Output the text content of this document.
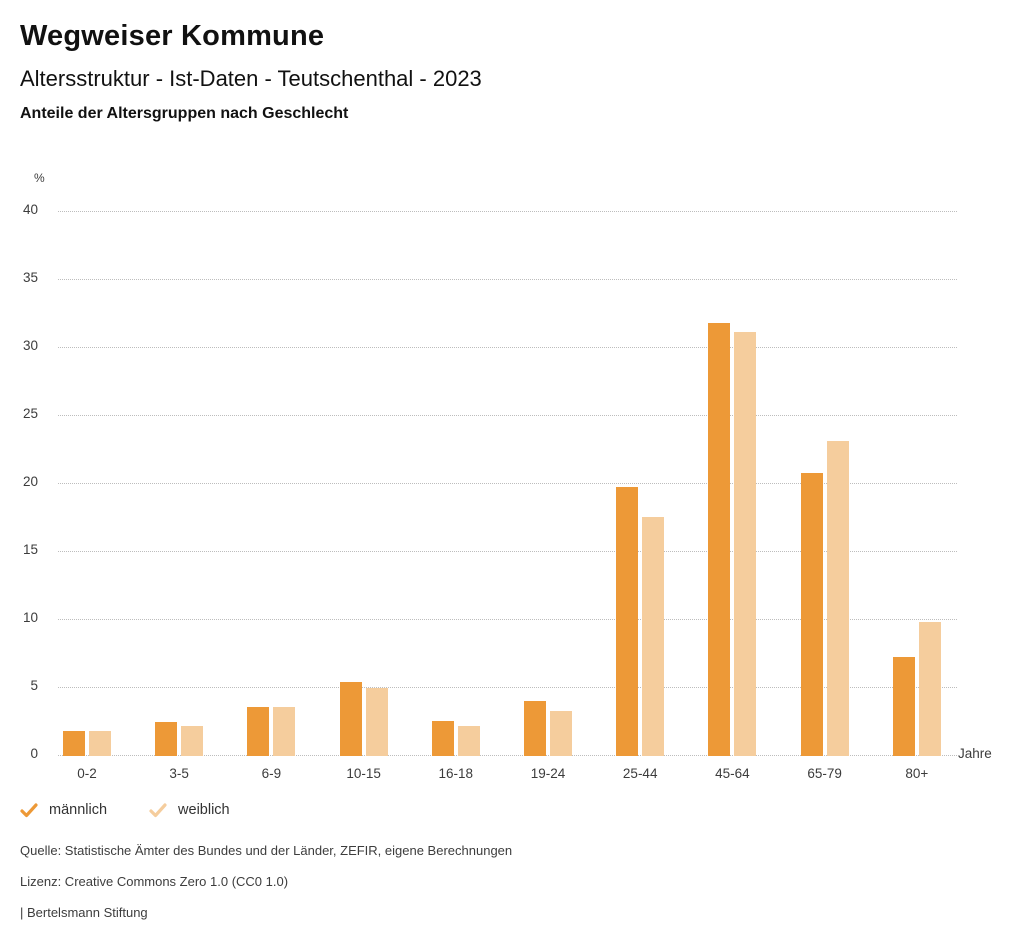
Wegweiser Kommune
Altersstruktur - Ist-Daten - Teutschenthal - 2023
Anteile der Altersgruppen nach Geschlecht
%
Jahre
0
5
10
15
20
25
30
35
40
0-2	3-5	6-9	10-15	16-18	19-24	25-44	45-64	65-79	80+
männlich	weiblich

Quelle: Statistische Ämter des Bundes und der Länder, ZEFIR, eigene Berechnungen

Lizenz: Creative Commons Zero 1.0 (CC0 1.0)

| Bertelsmann Stiftung
